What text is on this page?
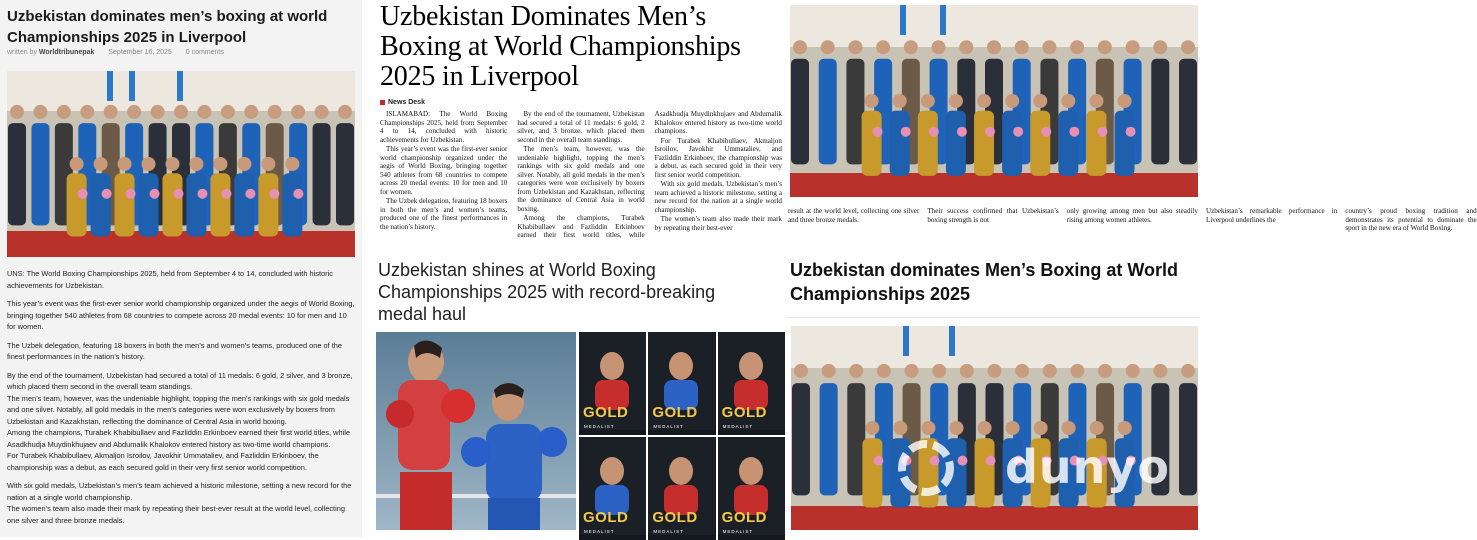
Uzbekistan dominates men’s boxing at world Championships 2025 in Liverpool
written by Worldtribunepak September 16, 2025 0 comments

UNS: The World Boxing Championships 2025, held from September 4 to 14, concluded with historic achievements for Uzbekistan.

This year’s event was the first-ever senior world championship organized under the aegis of World Boxing, bringing together 540 athletes from 68 countries to compete across 20 medal events: 10 for men and 10 for women.

The Uzbek delegation, featuring 18 boxers in both the men’s and women’s teams, produced one of the finest performances in the nation’s history.

By the end of the tournament, Uzbekistan had secured a total of 11 medals: 6 gold, 2 silver, and 3 bronze, which placed them second in the overall team standings.
The men’s team, however, was the undeniable highlight, topping the men’s rankings with six gold medals and one silver. Notably, all gold medals in the men’s categories were won exclusively by boxers from Uzbekistan and Kazakhstan, reflecting the dominance of Central Asia in world boxing.
Among the champions, Turabek Khabibullaev and Fazliddin Erkinboev earned their first world titles, while Asadkhudja Muydinkhujaev and Abdumalik Khalokov entered history as two-time world champions.
For Turabek Khabibullaev, Akmaljon Isroilov, Javokhir Ummataliev, and Fazliddin Erkinboev, the championship was a debut, as each secured gold in their very first senior world competition.

With six gold medals, Uzbekistan’s men’s team achieved a historic milestone, setting a new record for the nation at a single world championship.
The women’s team also made their mark by repeating their best-ever result at the world level, collecting one silver and three bronze medals.

Uzbekistan Dominates Men’s Boxing at World Championships 2025 in Liverpool
News Desk

ISLAMABAD: The World Boxing Championships 2025, held from September 4 to 14, concluded with historic achievements for Uzbekistan.

This year’s event was the first-ever senior world championship organized under the aegis of World Boxing, bringing together 540 athletes from 68 countries to compete across 20 medal events: 10 for men and 10 for women.

The Uzbek delegation, featuring 18 boxers in both the men’s and women’s teams, produced one of the finest performances in the nation’s history.

By the end of the tournament, Uzbekistan had secured a total of 11 medals: 6 gold, 2 silver, and 3 bronze, which placed them second in the overall team standings.

The men’s team, however, was the undeniable highlight, topping the men’s rankings with six gold medals and one silver. Notably, all gold medals in the men’s categories were won exclusively by boxers from Uzbekistan and Kazakhstan, reflecting the dominance of Central Asia in world boxing.

Among the champions, Turabek Khabibullaev and Fazliddin Erkinboev earned their first world titles, while Asadkhudja Muydinkhujaev and Abdumalik Khalokov entered history as two-time world champions.

For Turabek Khabibullaev, Akmaljon Isroilov, Javokhir Ummataliev, and Fazliddin Erkinboev, the championship was a debut, as each secured gold in their very first senior world competition.

With six gold medals, Uzbekistan’s men’s team achieved a historic milestone, setting a new record for the nation at a single world championship.

The women’s team also made their mark by repeating their best-ever

Uzbekistan shines at World Boxing Championships 2025 with record-breaking medal haul
GOLD
MEDALIST
GOLD
MEDALIST
GOLD
MEDALIST
GOLD
MEDALIST
GOLD
MEDALIST
GOLD
MEDALIST

result at the world level, collecting one silver and three bronze medals.

Their success confirmed that Uzbekistan’s boxing strength is not

only growing among men but also steadily rising among women athletes.

Uzbekistan’s remarkable performance in Liverpool underlines the

country’s proud boxing tradition and demonstrates its potential to dominate the sport in the new era of World Boxing.

Uzbekistan dominates Men’s Boxing at World Championships 2025
dunyo
